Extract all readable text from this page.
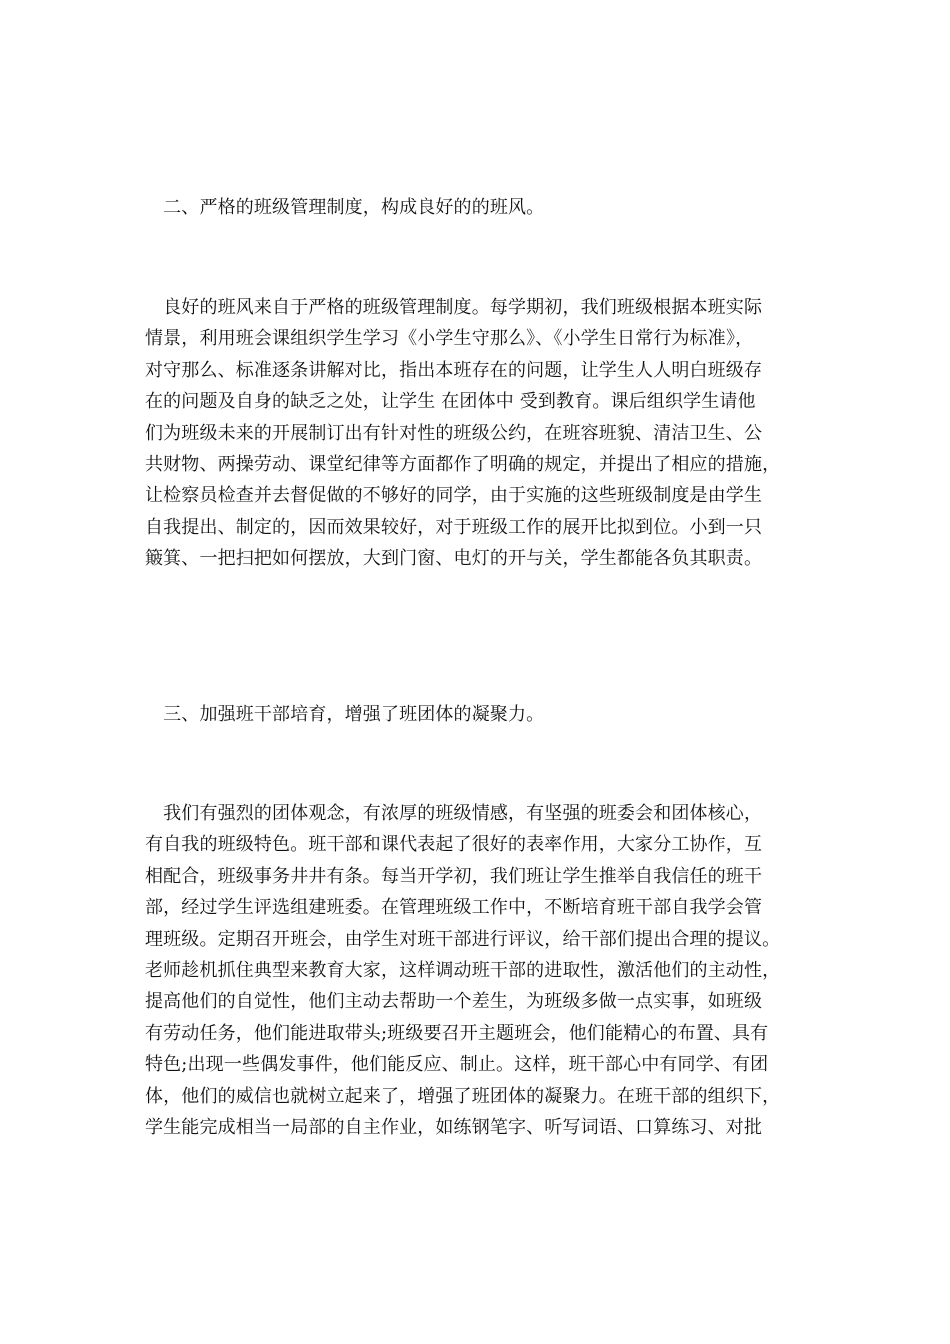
　二、严格的班级管理制度，构成良好的的班风。
　良好的班风来自于严格的班级管理制度。每学期初，我们班级根据本班实际
情景，利用班会课组织学生学习《小学生守那么》、《小学生日常行为标准》，
对守那么、标准逐条讲解对比，指出本班存在的问题，让学生人人明白班级存
在的问题及自身的缺乏之处，让学生 在团体中 受到教育。课后组织学生请他
们为班级未来的开展制订出有针对性的班级公约，在班容班貌、清洁卫生、公
共财物、两操劳动、课堂纪律等方面都作了明确的规定，并提出了相应的措施，
让检察员检查并去督促做的不够好的同学，由于实施的这些班级制度是由学生
自我提出、制定的，因而效果较好，对于班级工作的展开比拟到位。小到一只
簸箕、一把扫把如何摆放，大到门窗、电灯的开与关，学生都能各负其职责。
　三、加强班干部培育，增强了班团体的凝聚力。
　我们有强烈的团体观念，有浓厚的班级情感，有坚强的班委会和团体核心，
有自我的班级特色。班干部和课代表起了很好的表率作用，大家分工协作，互
相配合，班级事务井井有条。每当开学初，我们班让学生推举自我信任的班干
部，经过学生评选组建班委。在管理班级工作中，不断培育班干部自我学会管
理班级。定期召开班会，由学生对班干部进行评议，给干部们提出合理的提议。
老师趁机抓住典型来教育大家，这样调动班干部的进取性，激活他们的主动性，
提高他们的自觉性，他们主动去帮助一个差生，为班级多做一点实事，如班级
有劳动任务，他们能进取带头;班级要召开主题班会，他们能精心的布置、具有
特色;出现一些偶发事件，他们能反应、制止。这样，班干部心中有同学、有团
体，他们的威信也就树立起来了，增强了班团体的凝聚力。在班干部的组织下，
学生能完成相当一局部的自主作业，如练钢笔字、听写词语、口算练习、对批
